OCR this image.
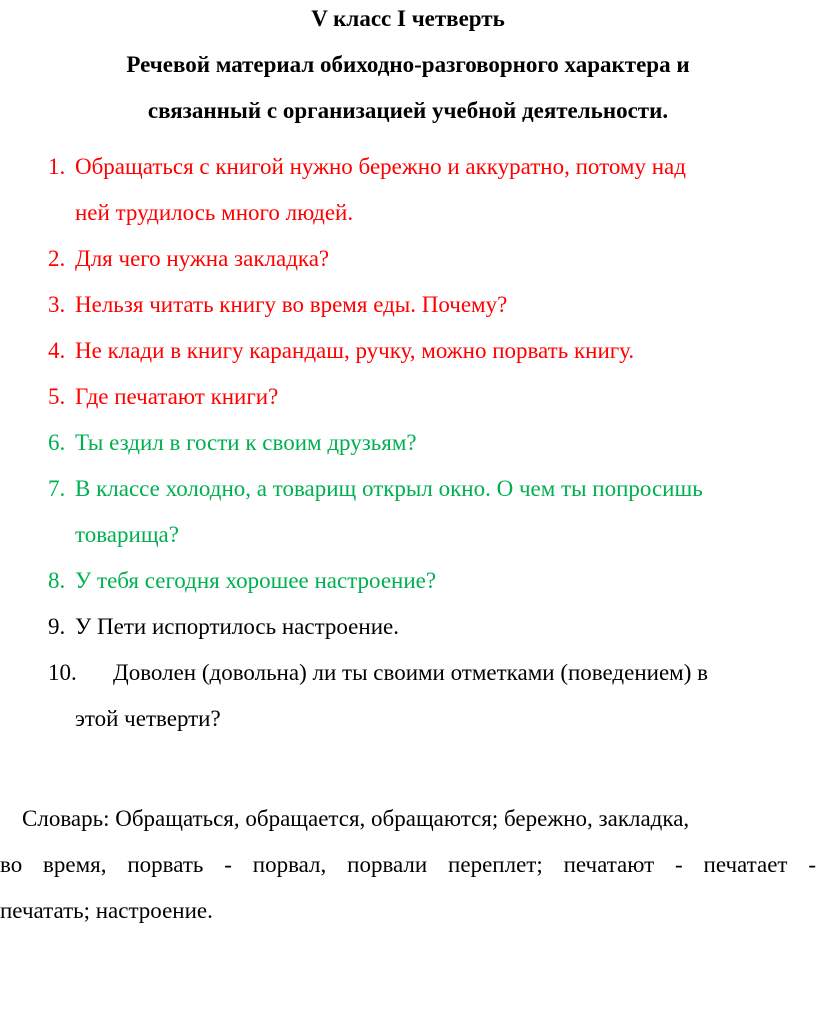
V класс I четверть

Речевой материал обиходно-разговорного характера и

связанный с организацией учебной деятельности.

1. Обращаться с книгой нужно бережно и аккуратно, потому над
ней трудилось много людей.
2. Для чего нужна закладка?
3. Нельзя читать книгу во время еды. Почему?
4. Не клади в книгу карандаш, ручку, можно порвать книгу.
5. Где печатают книги?
6. Ты ездил в гости к своим друзьям?
7. В классе холодно, а товарищ открыл окно. О чем ты попросишь
товарища?
8. У тебя сегодня хорошее настроение?
9. У Пети испортилось настроение.
10. Доволен (довольна) ли ты своими отметками (поведением) в
этой четверти?

Словарь: Обращаться, обращается, обращаются; бережно, закладка,
во время, порвать - порвал, порвали переплет; печатают - печатает -
печатать; настроение.
